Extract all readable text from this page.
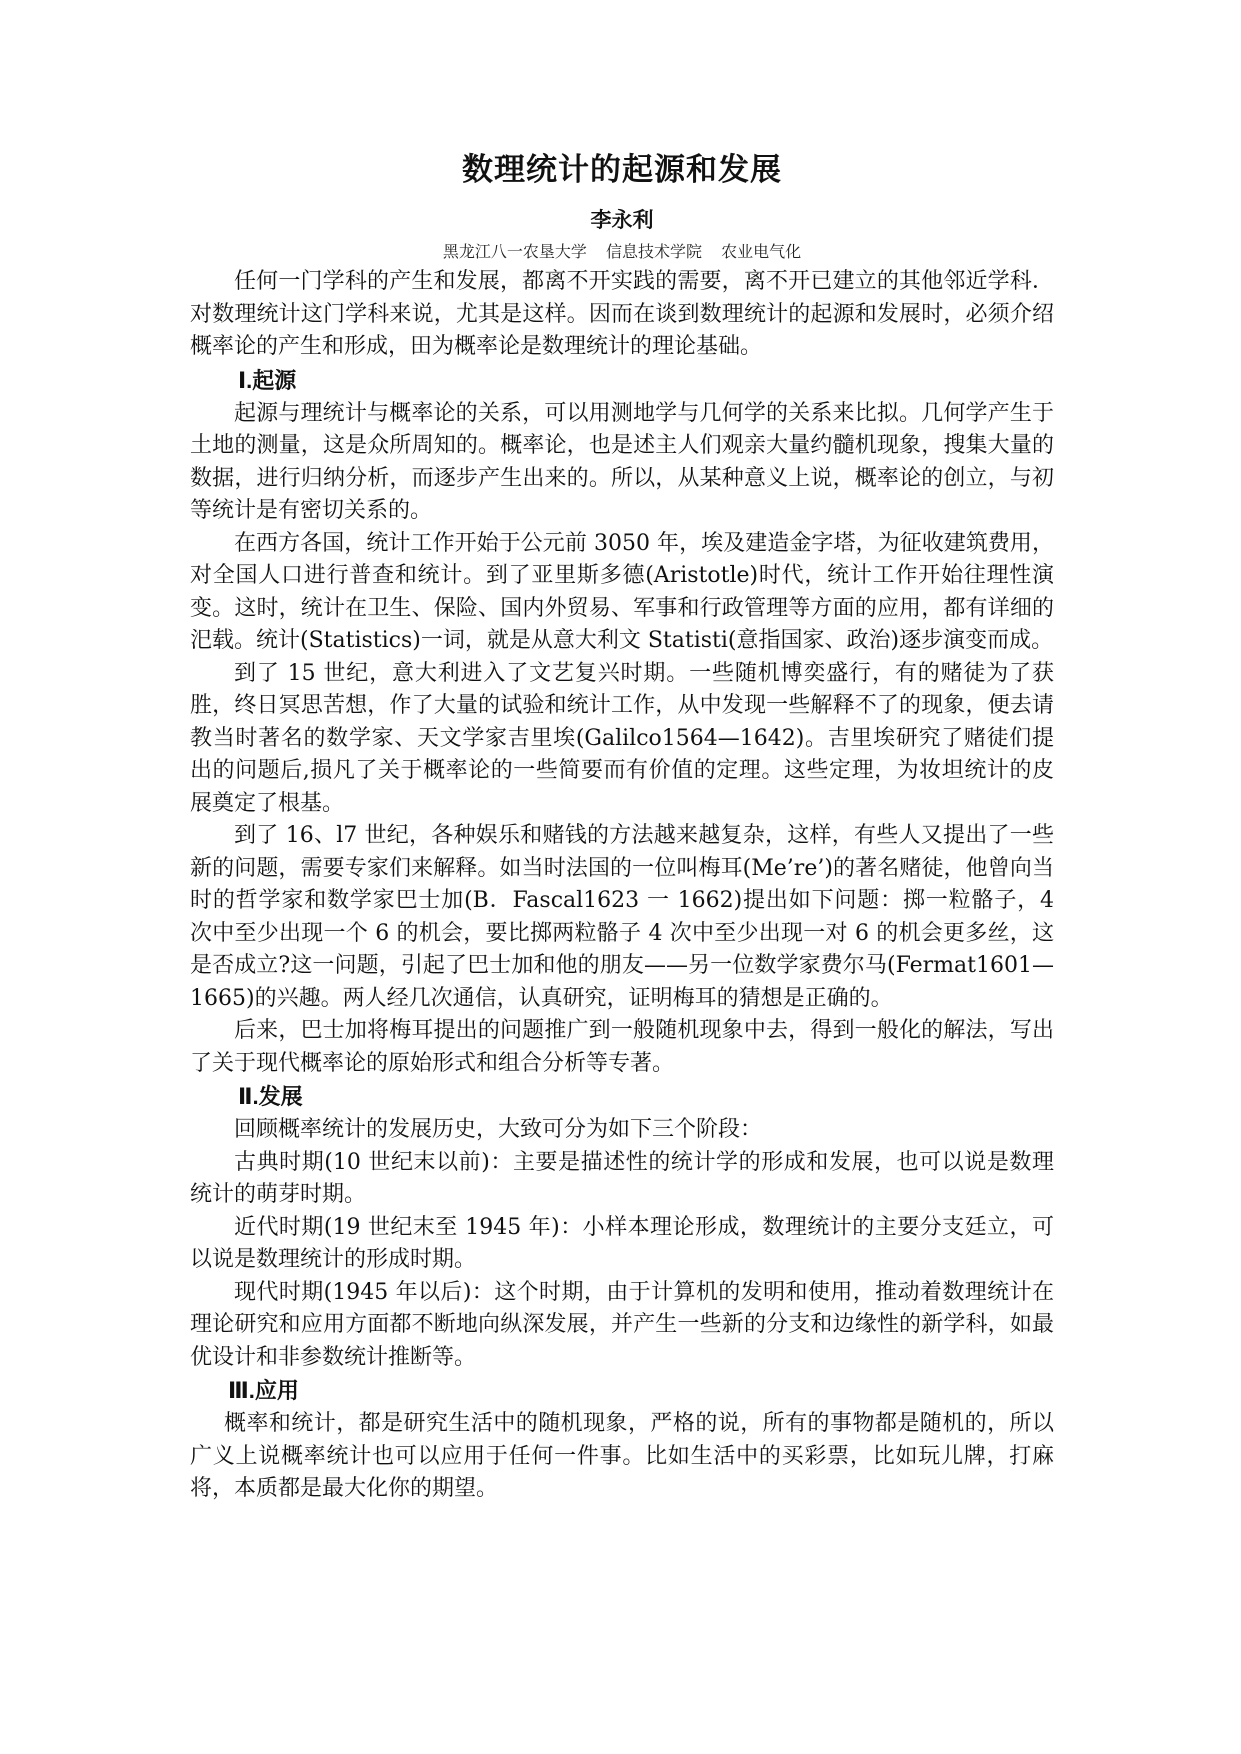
数理统计的起源和发展
李永利
黑龙江八一农垦大学 信息技术学院 农业电气化

任何一门学科的产生和发展，都离不开实践的需要，离不开已建立的其他邻近学科．对数理统计这门学科来说，尤其是这样。因而在谈到数理统计的起源和发展时，必须介绍概率论的产生和形成，田为概率论是数理统计的理论基础。

Ⅰ.起源

起源与理统计与概率论的关系，可以用测地学与几何学的关系来比拟。几何学产生于土地的测量，这是众所周知的。概率论，也是述主人们观亲大量约髓机现象，搜集大量的数据，进行归纳分析，而逐步产生出来的。所以，从某种意义上说，概率论的创立，与初等统计是有密切关系的。

在西方各国，统计工作开始于公元前 3050 年，埃及建造金字塔，为征收建筑费用，对全国人口进行普查和统计。到了亚里斯多德(Aristotle)时代，统计工作开始往理性演变。这时，统计在卫生、保险、国内外贸易、军事和行政管理等方面的应用，都有详细的汜载。统计(Statistics)一词，就是从意大利文 Statisti(意指国家、政治)逐步演变而成。

到了 15 世纪，意大利进入了文艺复兴时期。一些随机博奕盛行，有的赌徒为了获胜，终日冥思苦想，作了大量的试验和统计工作，从中发现一些解释不了的现象，便去请教当时著名的数学家、天文学家吉里埃(Galilco1564—1642)。吉里埃研究了赌徒们提出的问题后,损凡了关于概率论的一些简要而有价值的定理。这些定理，为妆坦统计的皮展奠定了根基。

到了 16、l7 世纪，各种娱乐和赌钱的方法越来越复杂，这样，有些人又提出了一些新的问题，需要专家们来解释。如当时法国的一位叫梅耳(Me’re’)的著名赌徒，他曾向当时的哲学家和数学家巴士加(B．Fascal1623 一 1662)提出如下问题：掷一粒骼子，4 次中至少出现一个 6 的机会，要比掷两粒骼子 4 次中至少出现一对 6 的机会更多丝，这是否成立?这一问题，引起了巴士加和他的朋友——另一位数学家费尔马(Fermat1601—1665)的兴趣。两人经几次通信，认真研究，证明梅耳的猜想是正确的。

后来，巴士加将梅耳提出的问题推广到一般随机现象中去，得到一般化的解法，写出了关于现代概率论的原始形式和组合分析等专著。

Ⅱ.发展

回顾概率统计的发展历史，大致可分为如下三个阶段：

古典时期(10 世纪末以前)：主要是描述性的统计学的形成和发展，也可以说是数理统计的萌芽时期。

近代时期(19 世纪末至 1945 年)：小样本理论形成，数理统计的主要分支廷立，可以说是数理统计的形成时期。

现代时期(1945 年以后)：这个时期，由于计算机的发明和使用，推动着数理统计在理论研究和应用方面都不断地向纵深发展，并产生一些新的分支和边缘性的新学科，如最优设计和非参数统计推断等。

Ⅲ.应用

概率和统计，都是研究生活中的随机现象，严格的说，所有的事物都是随机的，所以广义上说概率统计也可以应用于任何一件事。比如生活中的买彩票，比如玩儿牌，打麻将，本质都是最大化你的期望。
